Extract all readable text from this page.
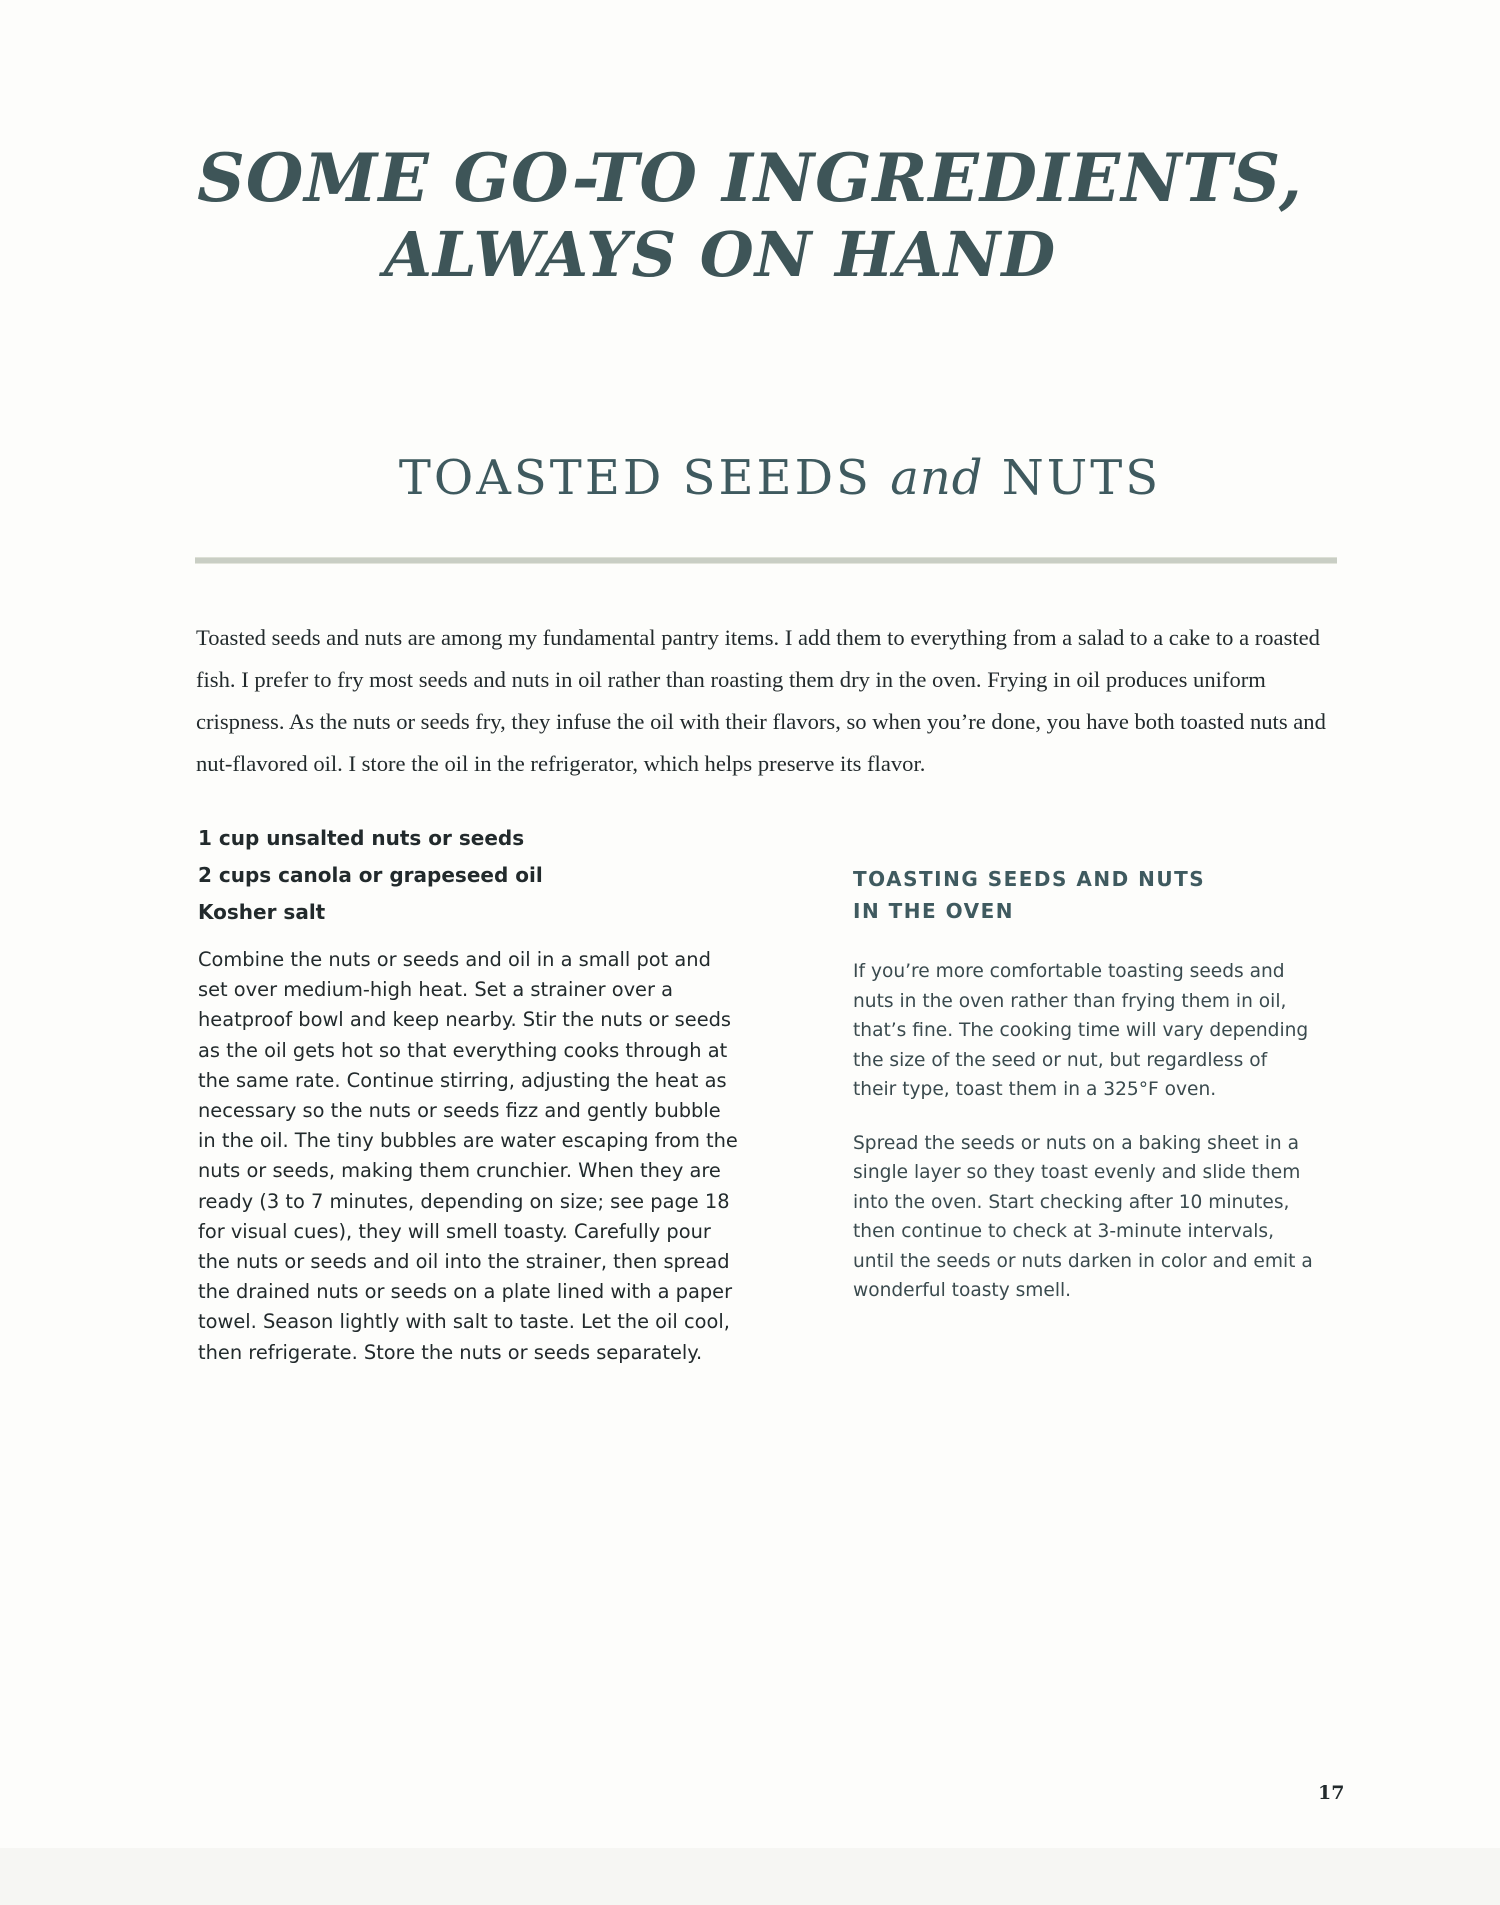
SOME GO-TO INGREDIENTS,
ALWAYS ON HAND
TOASTED SEEDS and NUTS

Toasted seeds and nuts are among my fundamental pantry items. I add them to everything from a salad to a cake to a roasted fish. I prefer to fry most seeds and nuts in oil rather than roasting them dry in the oven. Frying in oil produces uniform crispness. As the nuts or seeds fry, they infuse the oil with their flavors, so when you’re done, you have both toasted nuts and nut-flavored oil. I store the oil in the refrigerator, which helps preserve its flavor.

1 cup unsalted nuts or seeds
2 cups canola or grapeseed oil
Kosher salt

Combine the nuts or seeds and oil in a small pot and set over medium-high heat. Set a strainer over a heatproof bowl and keep nearby. Stir the nuts or seeds as the oil gets hot so that everything cooks through at the same rate. Continue stirring, adjusting the heat as necessary so the nuts or seeds fizz and gently bubble in the oil. The tiny bubbles are water escaping from the nuts or seeds, making them crunchier. When they are ready (3 to 7 minutes, depending on size; see page 18 for visual cues), they will smell toasty. Carefully pour the nuts or seeds and oil into the strainer, then spread the drained nuts or seeds on a plate lined with a paper towel. Season lightly with salt to taste. Let the oil cool, then refrigerate. Store the nuts or seeds separately.

TOASTING SEEDS AND NUTS
IN THE OVEN

If you’re more comfortable toasting seeds and nuts in the oven rather than frying them in oil, that’s fine. The cooking time will vary depending the size of the seed or nut, but regardless of their type, toast them in a 325°F oven.

Spread the seeds or nuts on a baking sheet in a single layer so they toast evenly and slide them into the oven. Start checking after 10 minutes, then continue to check at 3-minute intervals, until the seeds or nuts darken in color and emit a wonderful toasty smell.

17
